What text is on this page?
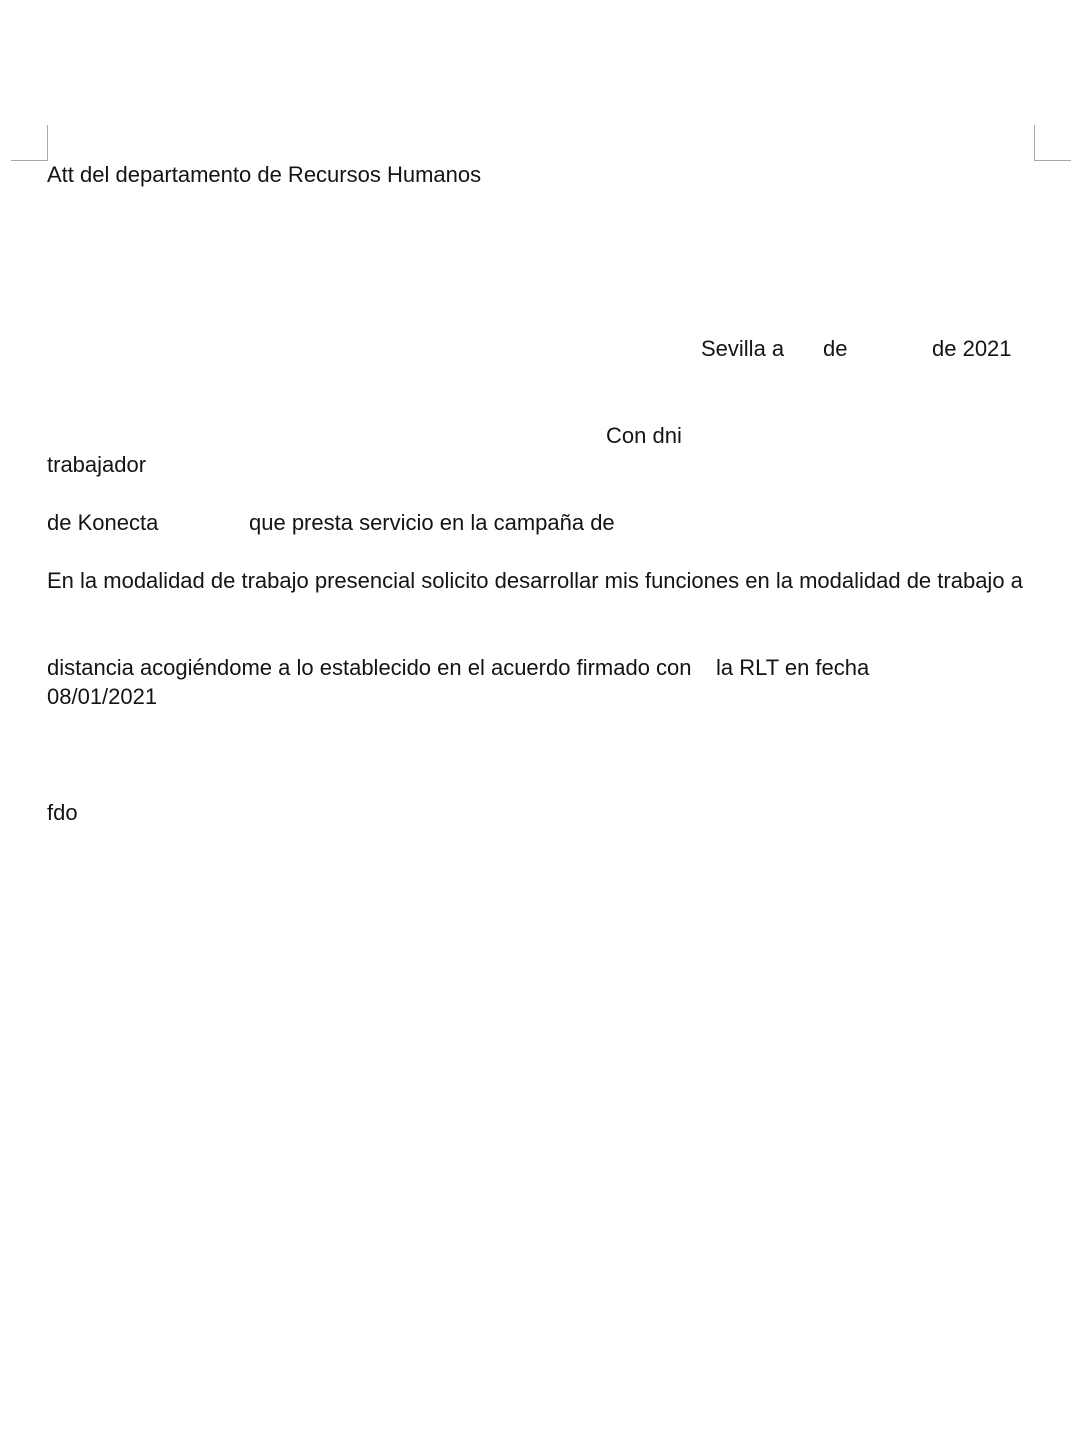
Att del departamento de Recursos Humanos
Sevilla a de	de 2021
Con dni
trabajador
de Konecta	que presta servicio en la campaña de
En la modalidad de trabajo presencial solicito desarrollar mis funciones en la modalidad de trabajo a
distancia acogiéndome a lo establecido en el acuerdo firmado con    la RLT en fecha
08/01/2021
fdo
